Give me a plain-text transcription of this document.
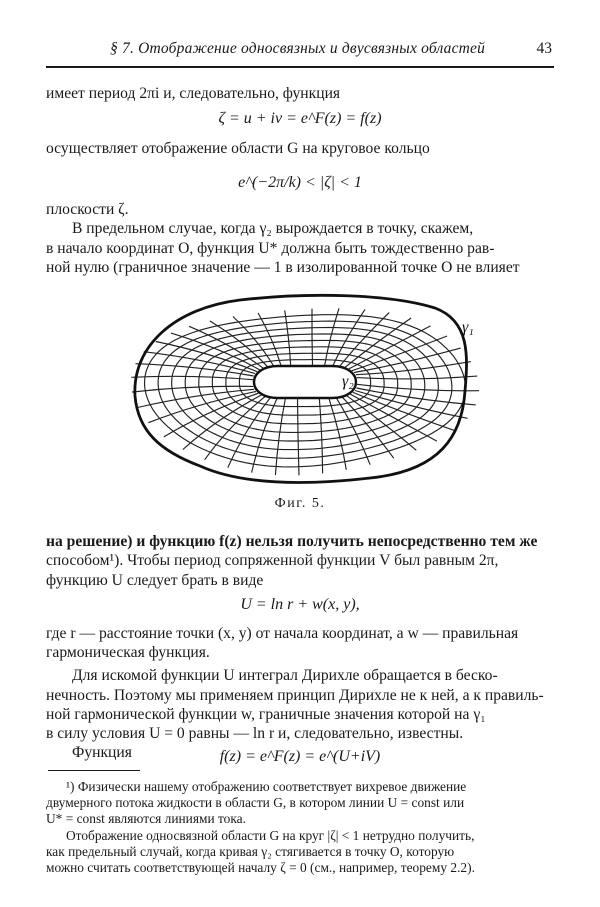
§ 7. Отображение односвязных и двусвязных областей	43
имеет период 2πi и, следовательно, функция
ζ = u + iv = e^F(z) = f(z)
осуществляет отображение области G на круговое кольцо
e^(−2π/k) < |ζ| < 1
плоскости ζ.
В предельном случае, когда γ₂ вырождается в точку, скажем,
в начало координат O, функция U* должна быть тождественно рав-
ной нулю (граничное значение — 1 в изолированной точке O не влияет
γ₁
γ₂
Фиг. 5.
на решение) и функцию f(z) нельзя получить непосредственно тем же
способом¹). Чтобы период сопряженной функции V был равным 2π,
функцию U следует брать в виде
U = ln r + w(x, y),
где r — расстояние точки (x, y) от начала координат, а w — правильная
гармоническая функция.
Для искомой функции U интеграл Дирихле обращается в беско-
нечность. Поэтому мы применяем принцип Дирихле не к ней, а к правиль-
ной гармонической функции w, граничные значения которой на γ₁
в силу условия U = 0 равны — ln r и, следовательно, известны.
Функция	f(z) = e^F(z) = e^(U+iV)
¹) Физически нашему отображению соответствует вихревое движение
двумерного потока жидкости в области G, в котором линии U = const или
U* = const являются линиями тока.
Отображение односвязной области G на круг |ζ| < 1 нетрудно получить,
как предельный случай, когда кривая γ₂ стягивается в точку O, которую
можно считать соответствующей началу ζ = 0 (см., например, теорему 2.2).
